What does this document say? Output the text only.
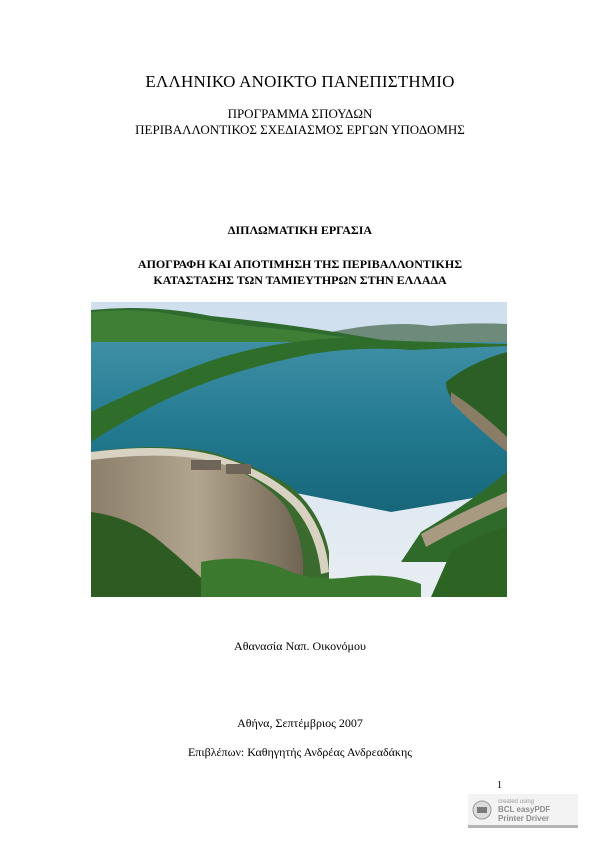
ΕΛΛΗΝΙΚΟ ΑΝΟΙΚΤΟ ΠΑΝΕΠΙΣΤΗΜΙΟ
ΠΡΟΓΡΑΜΜΑ ΣΠΟΥΔΩΝ
ΠΕΡΙΒΑΛΛΟΝΤΙΚΟΣ ΣΧΕΔΙΑΣΜΟΣ ΕΡΓΩΝ ΥΠΟΔΟΜΗΣ
ΔΙΠΛΩΜΑΤΙΚΗ ΕΡΓΑΣΙΑ
ΑΠΟΓΡΑΦΗ ΚΑΙ ΑΠΟΤΙΜΗΣΗ ΤΗΣ ΠΕΡΙΒΑΛΛΟΝΤΙΚΗΣ
ΚΑΤΑΣΤΑΣΗΣ ΤΩΝ ΤΑΜΙΕΥΤΗΡΩΝ ΣΤΗΝ ΕΛΛΑΔΑ
Αθανασία Ναπ. Οικονόμου
Αθήνα, Σεπτέμβριος 2007
Επιβλέπων: Καθηγητής Ανδρέας Ανδρεαδάκης
1
created using
BCL easyPDF
Printer Driver
